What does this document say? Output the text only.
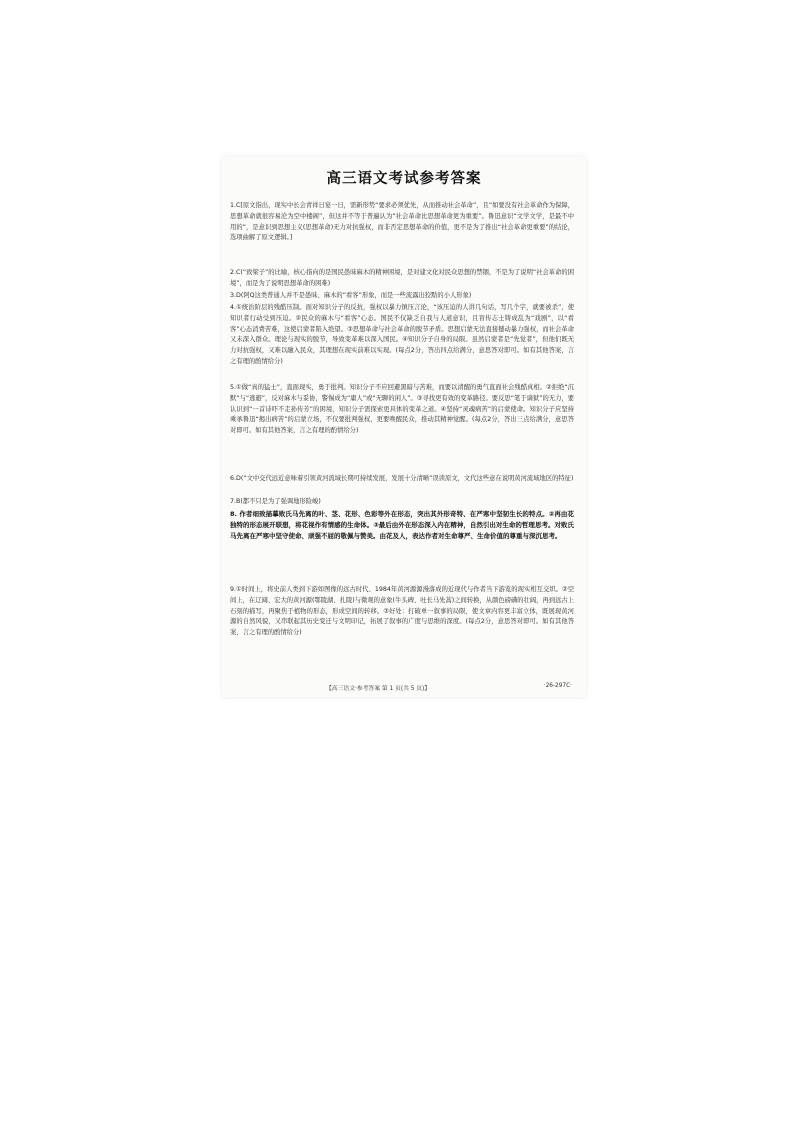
高三语文考试参考答案
1.C[原文指出，现实中长会青祥日宴一日，需新形势“要求必须优先，从而推动社会革命”，且“如要没有社会革命作为保障，思想革命就很容易沦为空中楼阁”，但这并不等于普遍认为“社会革命比思想革命更为重要”。鲁迅意识“文学文学，是最不中用的”，是意识到思想主义(思想革命)无力对抗强权，而非否定思想革命的价值，更不是为了推出“社会革命更重要”的结论，选项曲解了原文逻辑。]
2.C(“致梁子”的比喻，核心指向的是国民愚昧麻木的精神困境，是对建文化对民众思想的禁锢，不是为了说明“社会革命的困境”，而是为了说明思想革命的困难)
3.D(阿Q这类普通人并不是愚昧、麻木的“看客”形象，而是一些流露出狡黠的小人形象)
4.①统治阶层的残酷压制。面对知识分子的反抗，强权以暴力镇压言论，“该压迫的人讲几句话，写几个字，就要被杀”，使知识者行动受到压迫。②民众的麻木与“看客”心态。国民不仅缺乏自我与人道意识，且盲传志士铸成乱为“戏剧”，以“看客”心态消费苦难，这使启蒙者陷入绝望。③思想革命与社会革命的脱节矛盾。思想启蒙无法直接撼动暴力强权，而社会革命又未深入群众。理论与现实的脱节，导致变革难以深入国民。④知识分子自身的局限。虽然启蒙者是“先觉者”，但他们既无力对抗强权，又难以融入民众，其理想在现实前难以实现。(每点2分，答出四点给满分，意思答对即可。如有其他答案，言之有理的酌情给分)
5.①做“真的猛士”，直面现实，勇于批判。知识分子不应回避黑暗与苦难，而要以清醒的勇气直面社会残酷真相。②拒绝“沉默”与“逃避”，反对麻木与妥协，警惕成为“庸人”或“无聊的闲人”。③寻找更有效的变革路径。要反思“笔于谪狱”的无力，要认识到“一首诗吓不走孙传芳”的困境，知识分子需探索更具体的变革之道。④坚持“灵魂病苦”的启蒙使命。知识分子应坚持乘承鲁迅“揭出病苦”的启蒙立场，不仅要批判强权，更要唤醒民众，推动其精神觉醒。(每点2分，答出三点给满分，意思答对即可。如有其他答案，言之有理的酌情给分)
6.D(“文中交代远近意味着引领黄河流域长期可持续发展，发展十分清晰”误读原文，文代这些意在说明黄河流域地区的特征)
7.B(都不只是为了强调地形险峻)
8. 作者细致描摹败氏马先离的叶、茎、花形、色彩等外在形态，突出其外形奇特、在严寒中坚韧生长的特点。②再由花独特的形态展开联想，将花视作有情感的生命体。③最后由外在形态深入内在精神，自然引出对生命的哲理思考。对败氏马先离在严寒中坚守使命、顽强不屈的敬佩与赞美。由花及人，表达作者对生命尊严、生命价值的尊重与深沉思考。
9.①时间上，将史前人类到下游如图像的远古时代、1984年黄河源源漫落成的近现代与作者当下游览的现实相互交织。②空间上，在辽阔、宏大的黄河源(鄂陵湖、扎陵)与微观的意象(牛头碑、吐长马先蒿)之间转换，从颜色磅礴的壮阔，再到远古上石刻的描写，再聚焦于植物的形态，形成空间的转移。③好处：打破单一叙事的局限，使文章内容更丰富立体，既展现黄河源的自然风貌，又串联起其历史变迁与文明印记，拓展了叙事的广度与思维的深度。(每点2分，意思答对即可。如有其他答案，言之有理的酌情给分)
【高三语文·参考答案 第 1 页(共 5 页)】	·26-297C·
